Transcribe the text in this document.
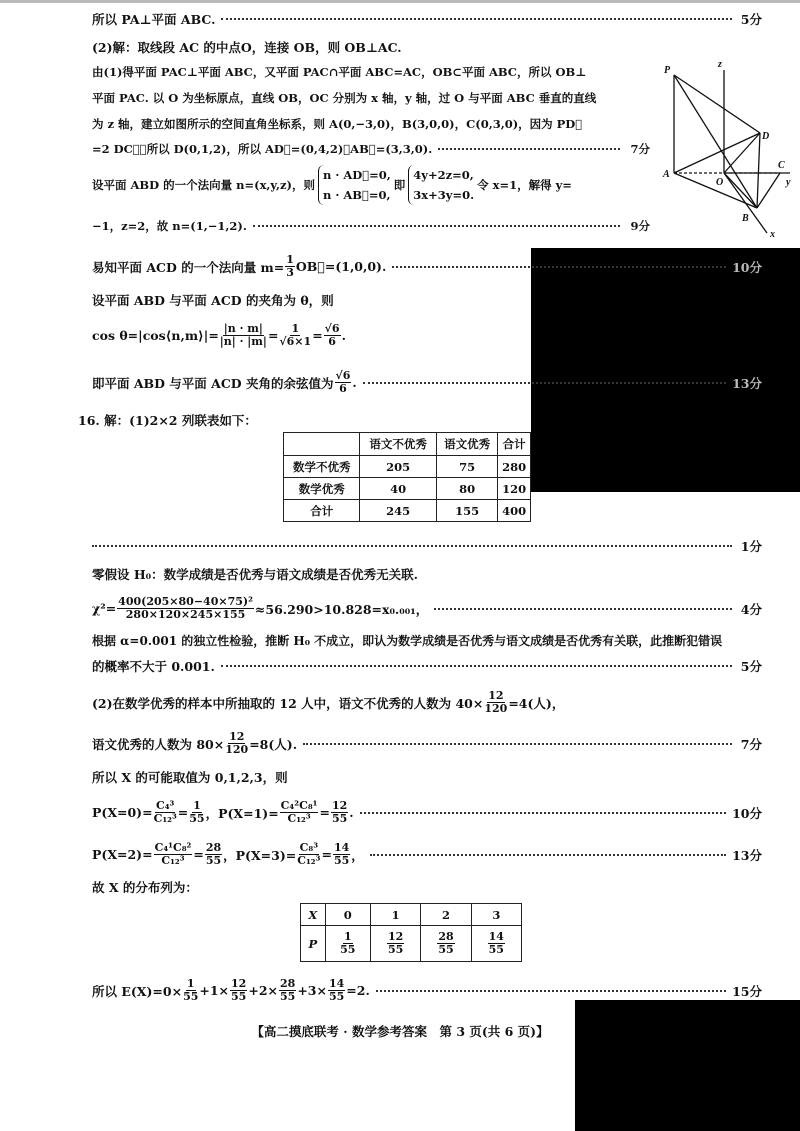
所以 PA⊥平面 ABC.	5分
(2)解：取线段 AC 的中点O，连接 OB，则 OB⊥AC.
由(1)得平面 PAC⊥平面 ABC，又平面 PAC∩平面 ABC=AC，OB⊂平面 ABC，所以 OB⊥
平面 PAC. 以 O 为坐标原点，直线 OB，OC 分别为 x 轴，y 轴，过 O 与平面 ABC 垂直的直线
为 z 轴，建立如图所示的空间直角坐标系，则 A(0,−3,0)，B(3,0,0)，C(0,3,0)，因为 PD⃗
=2 DC⃗，所以 D(0,1,2)，所以 AD⃗=(0,4,2)，AB⃗=(3,3,0).	7分
设平面 ABD 的一个法向量 n=(x,y,z)，则
n · AD⃗=0,
n · AB⃗=0,
即
4y+2z=0,
3x+3y=0.
令 x=1，解得 y=
−1，z=2，故 n=(1,−1,2).	9分
P
z
D
A
O
C
y
B
x
易知平面 ACD 的一个法向量 $m= \frac{1}{3}$ OB⃗=(1,0,0).	10分
设平面 ABD 与平面 ACD 的夹角为 θ，则
cos θ=|cos⟨n,m⟩|= $\frac{|n \cdot m|}{|n| \cdot |m|} = \frac{1}{√6\times 1} = \frac{√6}{6}$ .
即平面 ABD 与平面 ACD 夹角的余弦值为 $\frac{√6}{6}$ .	13分
16. 解：(1)2×2 列联表如下：
	语文不优秀	语文优秀	合计
数学不优秀	205	75	280
数学优秀	40	80	120
合计	245	155	400
1分
零假设 H₀：数学成绩是否优秀与语文成绩是否优秀无关联.
$\chi^2= \frac{\text{400(205×80−40×75)²}}{280\times 120\times 245\times 155} \approx 56.290>10.828=x_0._{001}$，	4分
根据 α=0.001 的独立性检验，推断 H₀ 不成立，即认为数学成绩是否优秀与语文成绩是否优秀有关联，此推断犯错误
的概率不大于 0.001.	5分
(2)在数学优秀的样本中所抽取的 12 人中，语文不优秀的人数为 $40\times \frac{12}{120} =4$(人)，
语文优秀的人数为 $80\times \frac{12}{120} =8$(人).	7分
所以 X 的可能取值为 0,1,2,3，则
$P(X=0)= \frac{\text{C₄³}}{\text{C₁₂³}} = \frac{1}{55}$ ，$P(X=1)= \frac{\text{C₄²C₈¹}}{\text{C₁₂³}} = \frac{12}{55}$ .	10分
$P(X=2)= \frac{\text{C₄¹C₈²}}{\text{C₁₂³}} = \frac{28}{55}$ ，$P(X=3)= \frac{\text{C₈³}}{\text{C₁₂³}} = \frac{14}{55}$ ，	13分
故 X 的分布列为：
X	0	1	2	3
P	$\frac{1}{55}$	$\frac{12}{55}$	$\frac{28}{55}$	$\frac{14}{55}$
所以 $E(X)=0\times \frac{1}{55} +1\times \frac{12}{55} +2\times \frac{28}{55} +3\times \frac{14}{55} =2$.	15分
【高二摸底联考 · 数学参考答案　第 3 页(共 6 页)】
